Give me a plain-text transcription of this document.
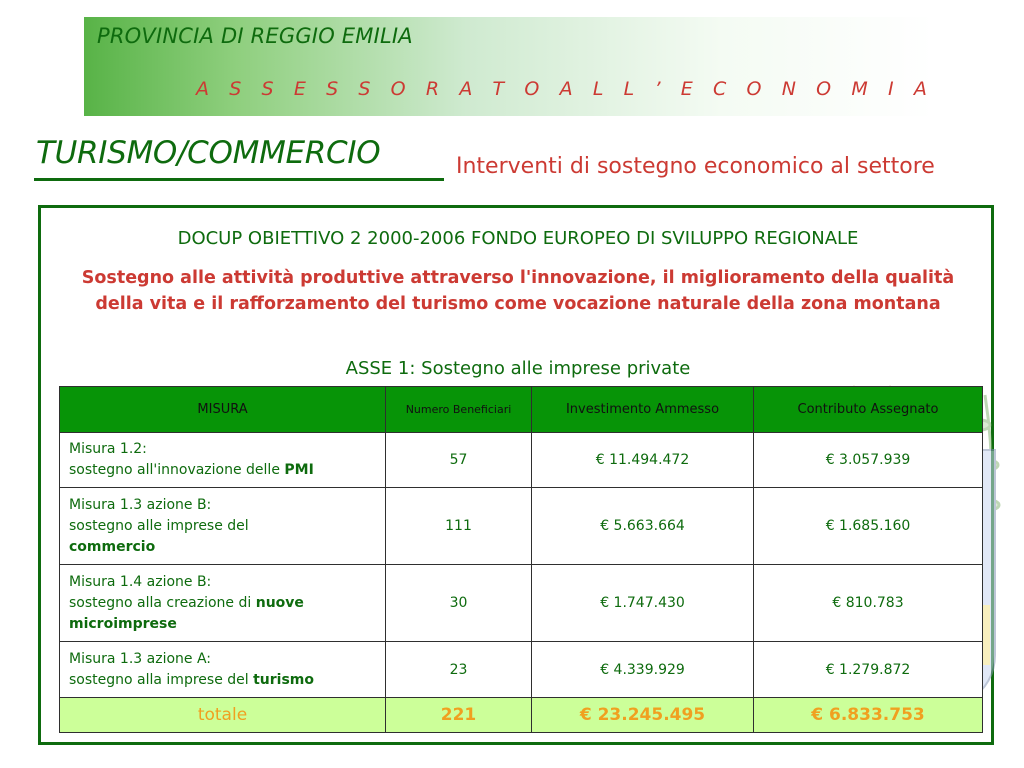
PROVINCIA DI REGGIO EMILIA
A S S E S S O R A T O A L L ’ E C O N O M I A
TURISMO/COMMERCIO	Interventi di sostegno economico al settore
DOCUP OBIETTIVO 2 2000-2006 FONDO EUROPEO DI SVILUPPO REGIONALE
Sostegno alle attività produttive attraverso l'innovazione, il miglioramento della qualità della vita e il rafforzamento del turismo come vocazione naturale della zona montana
ASSE 1: Sostegno alle imprese private
MISURA	Numero Beneficiari	Investimento Ammesso	Contributo Assegnato
Misura 1.2:
sostegno all'innovazione delle PMI	57	€ 11.494.472	€ 3.057.939
Misura 1.3 azione B:
sostegno alle imprese del
commercio	111	€ 5.663.664	€ 1.685.160
Misura 1.4 azione B:
sostegno alla creazione di nuove microimprese	30	€ 1.747.430	€ 810.783
Misura 1.3 azione A:
sostegno alla imprese del turismo	23	€ 4.339.929	€ 1.279.872
totale	221	€ 23.245.495	€ 6.833.753
